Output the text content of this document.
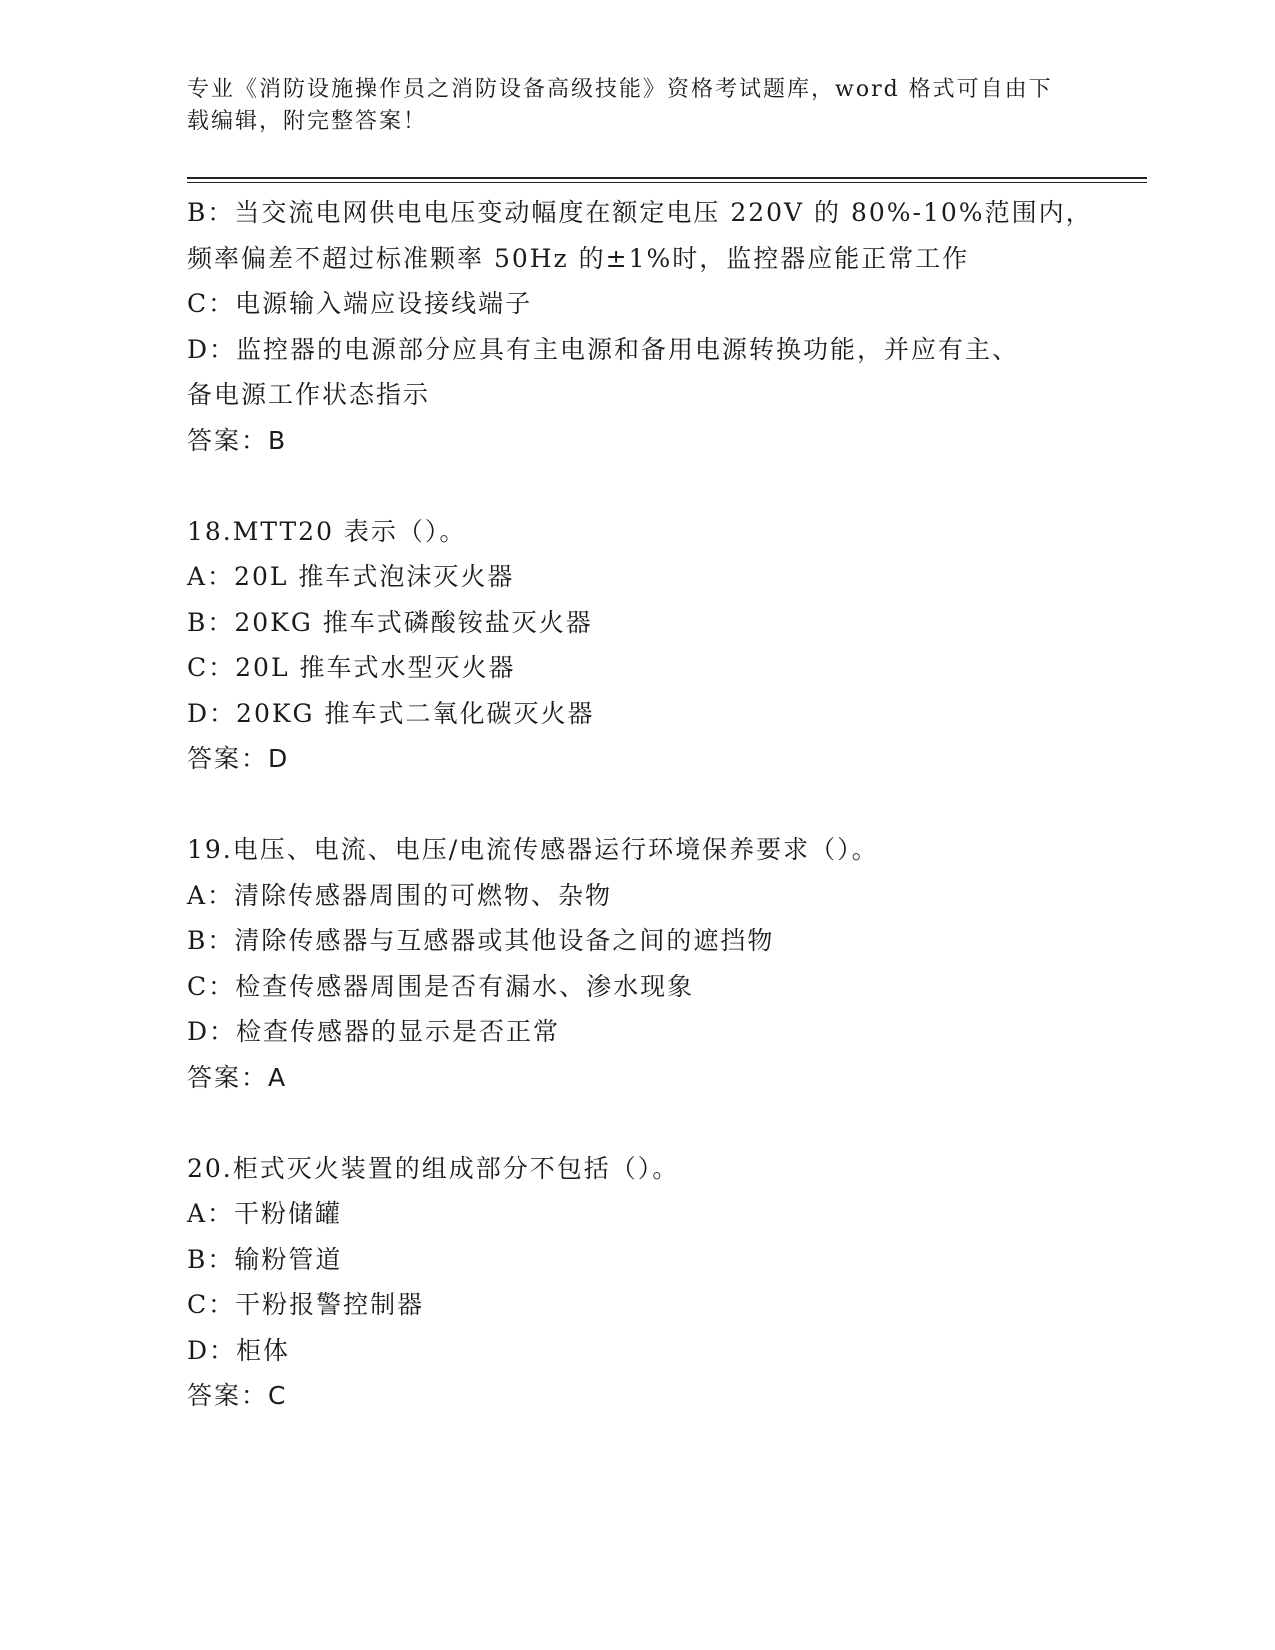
专业《消防设施操作员之消防设备高级技能》资格考试题库，word 格式可自由下
载编辑，附完整答案！
B：当交流电网供电电压变动幅度在额定电压 220V 的 80%-10%范围内，
频率偏差不超过标准颗率 50Hz 的±1%时，监控器应能正常工作
C：电源输入端应设接线端子
D：监控器的电源部分应具有主电源和备用电源转换功能，并应有主、
备电源工作状态指示
答案：B
18.MTT20 表示（）。
A：20L 推车式泡沫灭火器
B：20KG 推车式磷酸铵盐灭火器
C：20L 推车式水型灭火器
D：20KG 推车式二氧化碳灭火器
答案：D
19.电压、电流、电压/电流传感器运行环境保养要求（）。
A：清除传感器周围的可燃物、杂物
B：清除传感器与互感器或其他设备之间的遮挡物
C：检查传感器周围是否有漏水、渗水现象
D：检查传感器的显示是否正常
答案：A
20.柜式灭火装置的组成部分不包括（）。
A：干粉储罐
B：输粉管道
C：干粉报警控制器
D：柜体
答案：C
